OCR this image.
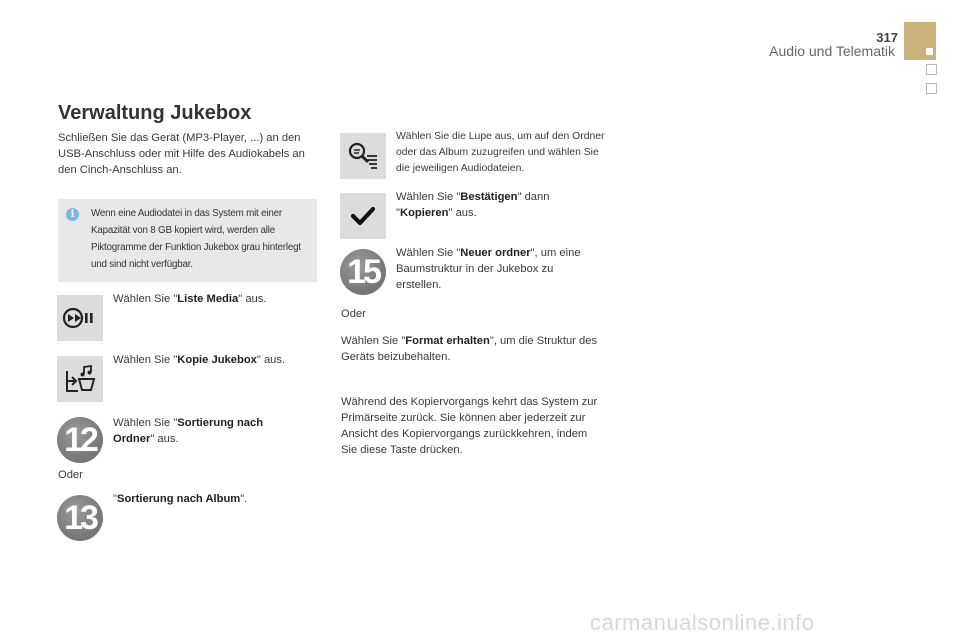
317
Audio und Telematik
Verwaltung Jukebox
Schließen Sie das Gerät (MP3-Player, ...) an den USB-Anschluss oder mit Hilfe des Audiokabels an den Cinch-Anschluss an.
i	Wenn eine Audiodatei in das System mit einer Kapazität von 8 GB kopiert wird, werden alle Piktogramme der Funktion Jukebox grau hinterlegt und sind nicht verfügbar.
Wählen Sie "Liste Media" aus.
Wählen Sie "Kopie Jukebox" aus.
12	Wählen Sie "Sortierung nach Ordner" aus.
Oder
13	"Sortierung nach Album".
Wählen Sie die Lupe aus, um auf den Ordner oder das Album zuzugreifen und wählen Sie die jeweiligen Audiodateien.
Wählen Sie "Bestätigen" dann "Kopieren" aus.
15	Wählen Sie "Neuer ordner", um eine Baumstruktur in der Jukebox zu erstellen.
Oder
Wählen Sie "Format erhalten", um die Struktur des Geräts beizubehalten.
Während des Kopiervorgangs kehrt das System zur Primärseite zurück. Sie können aber jederzeit zur Ansicht des Kopiervorgangs zurückkehren, indem Sie diese Taste drücken.
carmanualsonline.info
